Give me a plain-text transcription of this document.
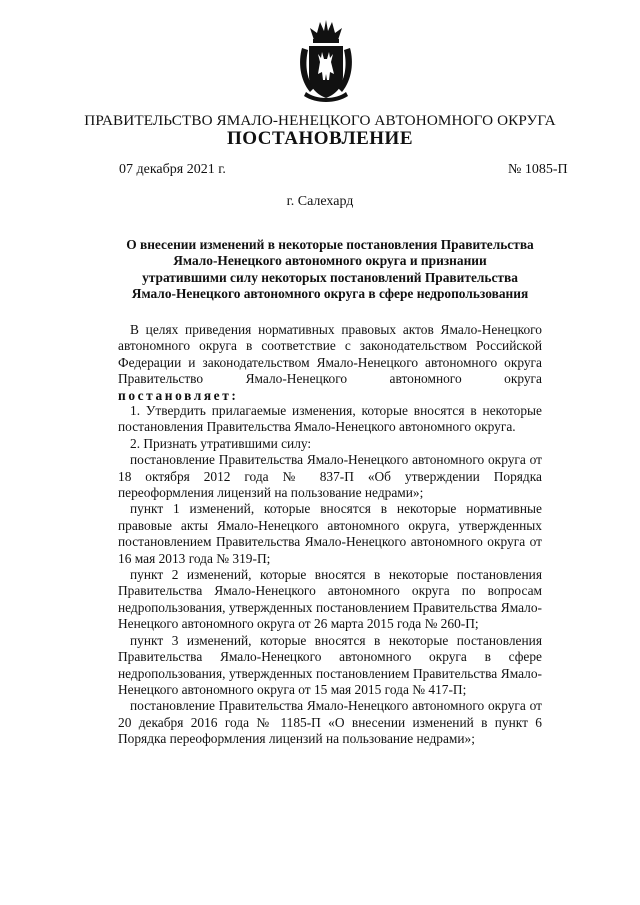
ПРАВИТЕЛЬСТВО ЯМАЛО-НЕНЕЦКОГО АВТОНОМНОГО ОКРУГА
ПОСТАНОВЛЕНИЕ
07 декабря 2021 г.	№ 1085-П
г. Салехард
О внесении изменений в некоторые постановления Правительства
Ямало-Ненецкого автономного округа и признании
утратившими силу некоторых постановлений Правительства
Ямало-Ненецкого автономного округа в сфере недропользования

В целях приведения нормативных правовых актов Ямало-Ненецкого автономного округа в соответствие с законодательством Российской Федерации и законодательством Ямало-Ненецкого автономного округа Правительство Ямало-Ненецкого автономного округа постановляет:

1. Утвердить прилагаемые изменения, которые вносятся в некоторые постановления Правительства Ямало-Ненецкого автономного округа.

2. Признать утратившими силу:

постановление Правительства Ямало-Ненецкого автономного округа от 18 октября 2012 года № 837-П «Об утверждении Порядка переоформления лицензий на пользование недрами»;

пункт 1 изменений, которые вносятся в некоторые нормативные правовые акты Ямало-Ненецкого автономного округа, утвержденных постановлением Правительства Ямало-Ненецкого автономного округа от 16 мая 2013 года № 319-П;

пункт 2 изменений, которые вносятся в некоторые постановления Правительства Ямало-Ненецкого автономного округа по вопросам недропользования, утвержденных постановлением Правительства Ямало-Ненецкого автономного округа от 26 марта 2015 года № 260-П;

пункт 3 изменений, которые вносятся в некоторые постановления Правительства Ямало-Ненецкого автономного округа в сфере недропользования, утвержденных постановлением Правительства Ямало-Ненецкого автономного округа от 15 мая 2015 года № 417-П;

постановление Правительства Ямало-Ненецкого автономного округа от 20 декабря 2016 года № 1185-П «О внесении изменений в пункт 6 Порядка переоформления лицензий на пользование недрами»;
